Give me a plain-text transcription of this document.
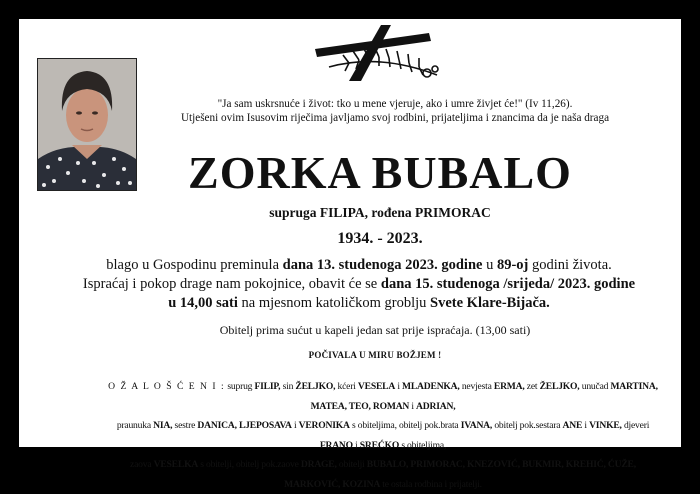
"Ja sam uskrsnuće i život: tko u mene vjeruje, ako i umre živjet će!" (Iv 11,26).
Utješeni ovim Isusovim riječima javljamo svoj rodbini, prijateljima i znancima da je naša draga
ZORKA BUBALO
supruga FILIPA, rođena PRIMORAC
1934. - 2023.
blago u Gospodinu preminula dana 13. studenoga 2023. godine u 89-oj godini života.
Ispraćaj i pokop drage nam pokojnice, obavit će se dana 15. studenoga /srijeda/ 2023. godine
u 14,00 sati na mjesnom katoličkom groblju Svete Klare-Bijača.
Obitelj prima sućut u kapeli jedan sat prije ispraćaja. (13,00 sati)
POČIVALA U MIRU BOŽJEM !
O Ž A L O Š Ć E N I : suprug FILIP, sin ŽELJKO, kćeri VESELA i MLADENKA, nevjesta ERMA, zet ŽELJKO, unučad MARTINA, MATEA, TEO, ROMAN i ADRIAN,
praunuka NIA, sestre DANICA, LJEPOSAVA i VERONIKA s obiteljima, obitelj pok.brata IVANA, obitelj pok.sestara ANE i VINKE, djeveri FRANO i SREĆKO s obiteljima,
zaova VESELKA s obitelji, obitelj pok.zaove DRAGE, obitelji BUBALO, PRIMORAC, KNEZOVIĆ, BUKMIR, KREHIĆ, ĆUŽE, MARKOVIĆ, KOZINA te ostala rodbina i prijatelji.
